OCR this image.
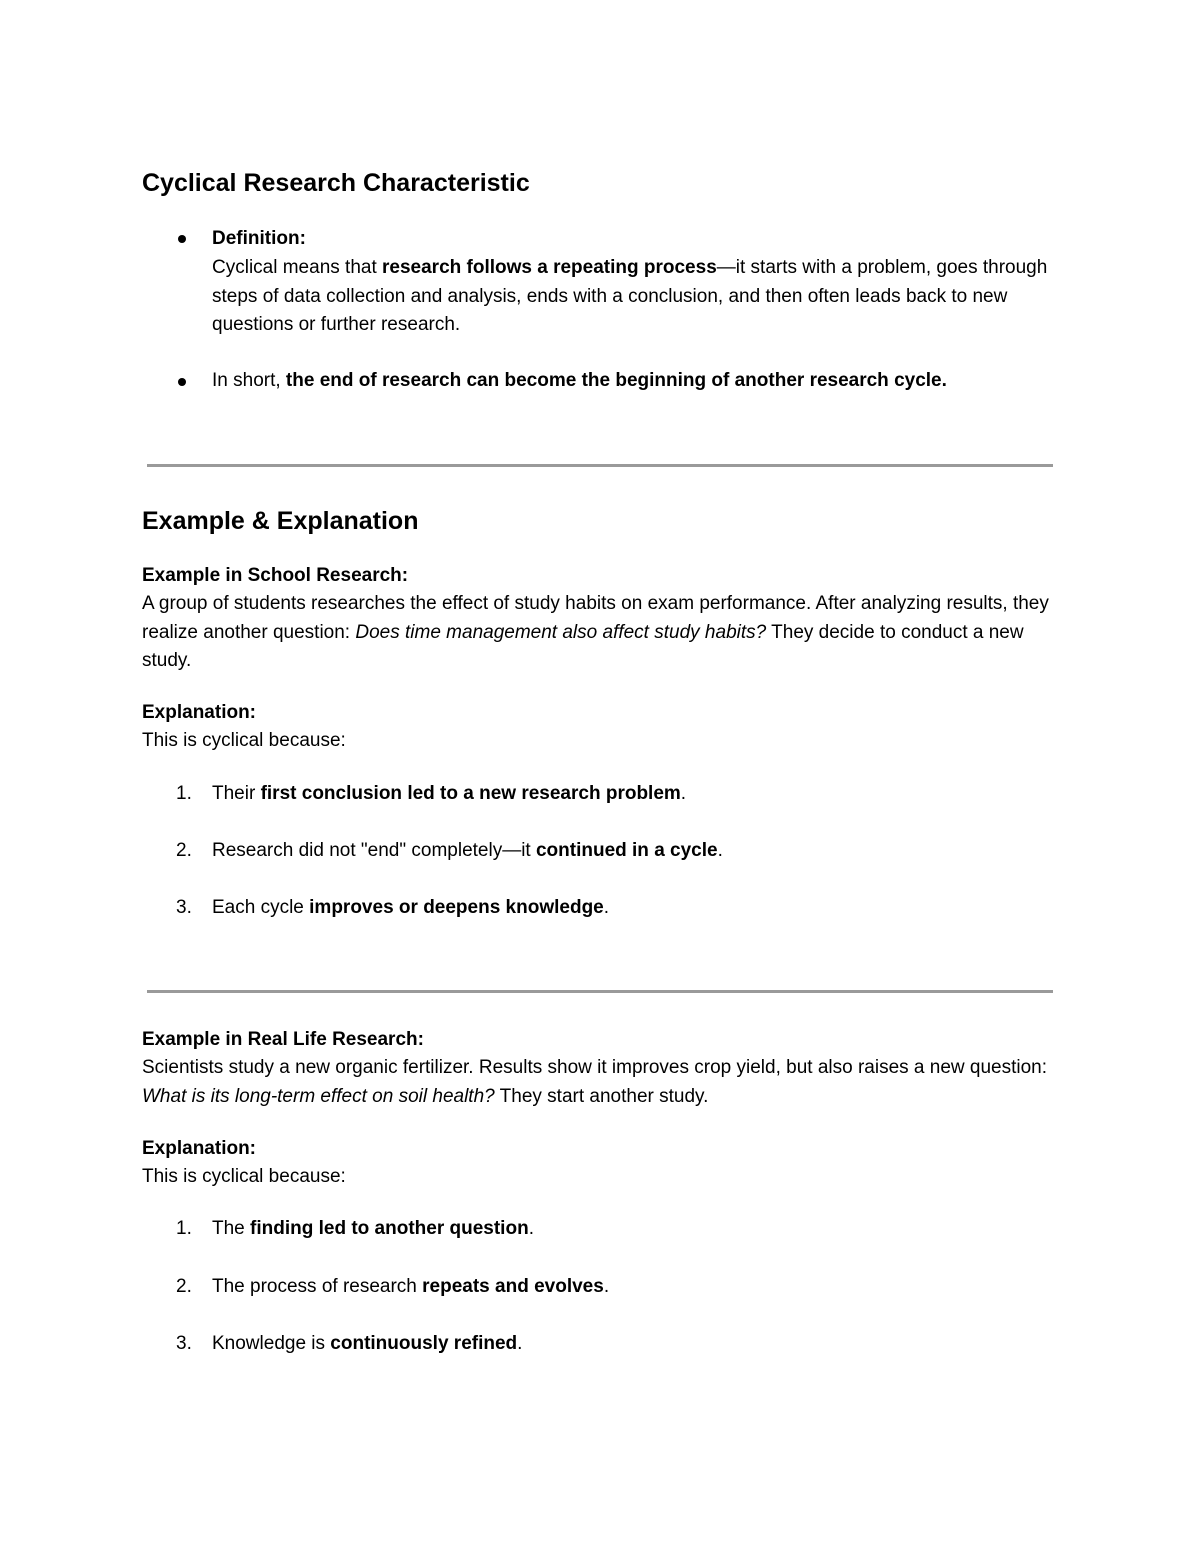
Cyclical Research Characteristic
Definition:

Cyclical means that research follows a repeating process—it starts with a problem, goes through steps of data collection and analysis, ends with a conclusion, and then often leads back to new questions or further research.

In short, the end of research can become the beginning of another research cycle.

Example & Explanation
Example in School Research:

A group of students researches the effect of study habits on exam performance. After analyzing results, they realize another question: Does time management also affect study habits? They decide to conduct a new study.

Explanation:

This is cyclical because:

1. Their first conclusion led to a new research problem.
2. Research did not "end" completely—it continued in a cycle.
3. Each cycle improves or deepens knowledge.
Example in Real Life Research:

Scientists study a new organic fertilizer. Results show it improves crop yield, but also raises a new question: What is its long-term effect on soil health? They start another study.

Explanation:

This is cyclical because:

1. The finding led to another question.
2. The process of research repeats and evolves.
3. Knowledge is continuously refined.
